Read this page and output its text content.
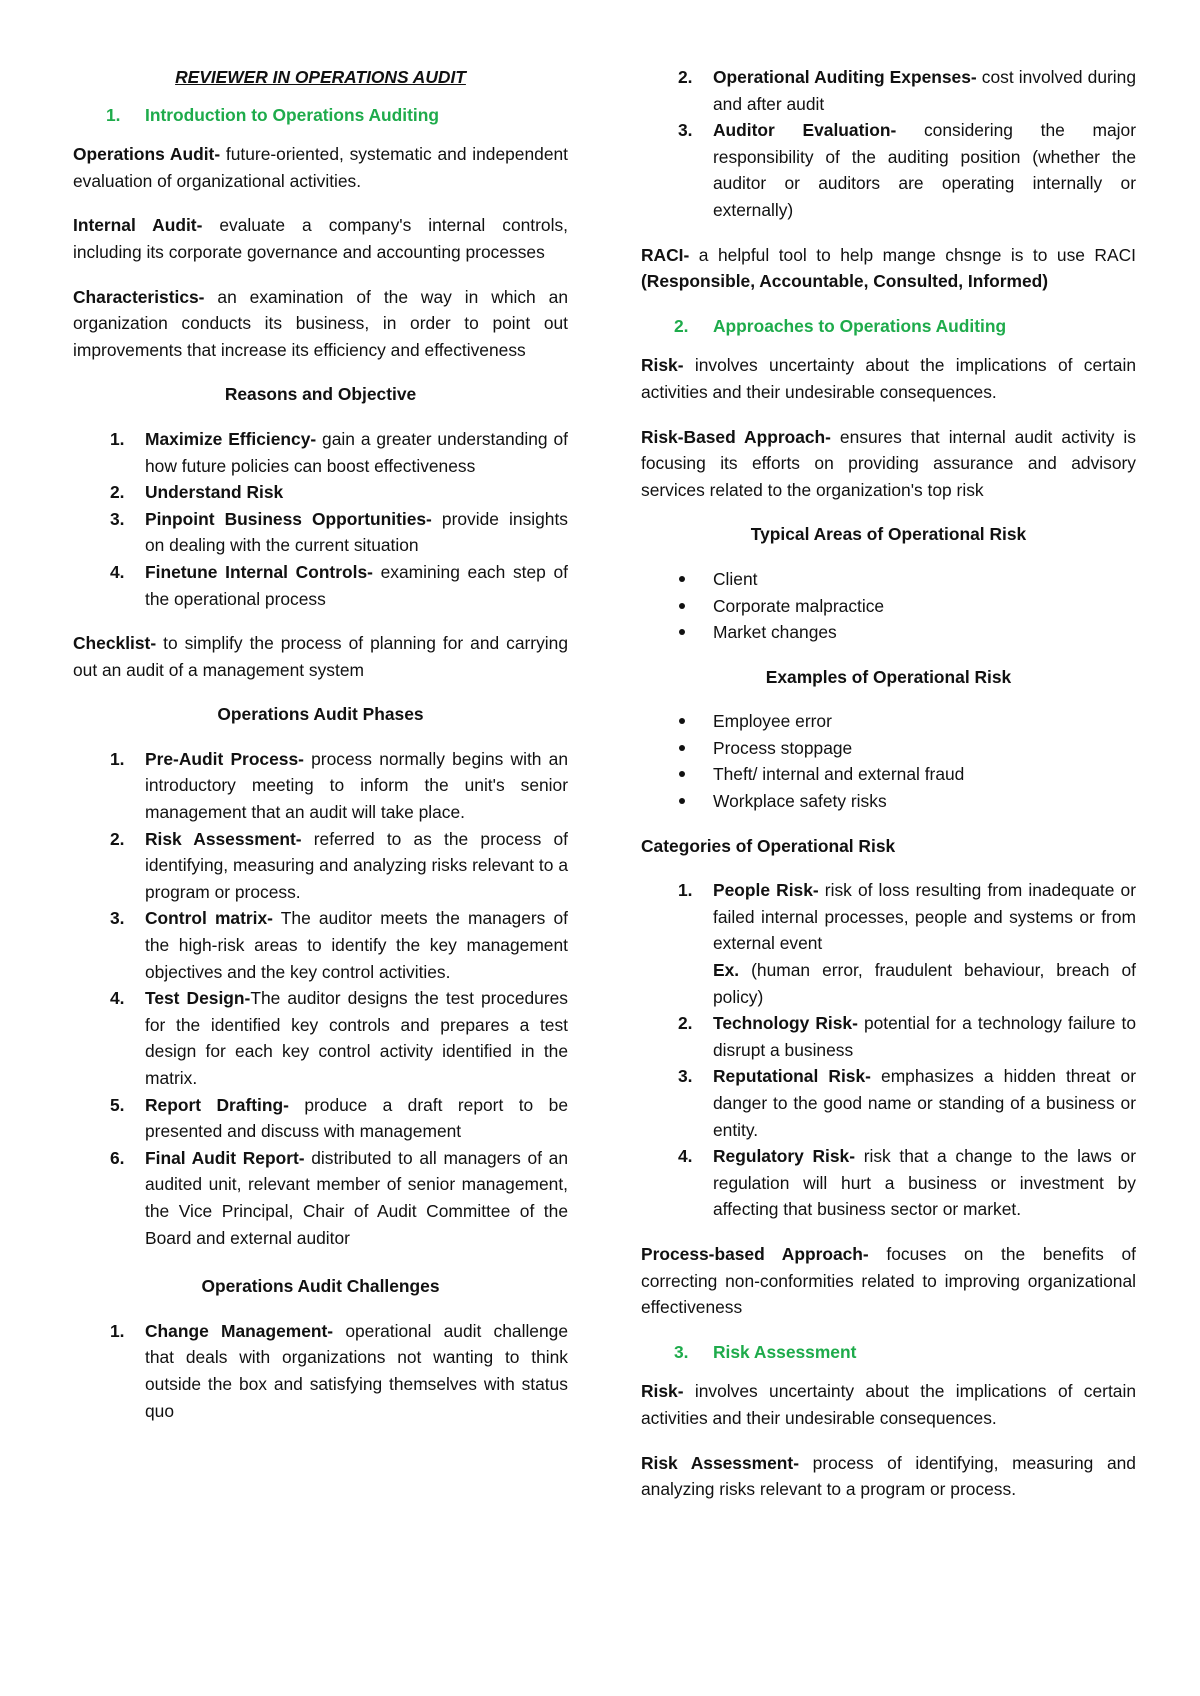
REVIEWER IN OPERATIONS AUDIT
1. Introduction to Operations Auditing

Operations Audit- future-oriented, systematic and independent evaluation of organizational activities.

Internal Audit- evaluate a company's internal controls, including its corporate governance and accounting processes

Characteristics- an examination of the way in which an organization conducts its business, in order to point out improvements that increase its efficiency and effectiveness

Reasons and Objective
1. Maximize Efficiency- gain a greater understanding of how future policies can boost effectiveness
2. Understand Risk
3. Pinpoint Business Opportunities- provide insights on dealing with the current situation
4. Finetune Internal Controls- examining each step of the operational process

Checklist- to simplify the process of planning for and carrying out an audit of a management system

Operations Audit Phases
1. Pre-Audit Process- process normally begins with an introductory meeting to inform the unit's senior management that an audit will take place.
2. Risk Assessment- referred to as the process of identifying, measuring and analyzing risks relevant to a program or process.
3. Control matrix- The auditor meets the managers of the high-risk areas to identify the key management objectives and the key control activities.
4. Test Design-The auditor designs the test procedures for the identified key controls and prepares a test design for each key control activity identified in the matrix.
5. Report Drafting- produce a draft report to be presented and discuss with management
6. Final Audit Report- distributed to all managers of an audited unit, relevant member of senior management, the Vice Principal, Chair of Audit Committee of the Board and external auditor
Operations Audit Challenges
1. Change Management- operational audit challenge that deals with organizations not wanting to think outside the box and satisfying themselves with status quo
2. Operational Auditing Expenses- cost involved during and after audit
3. Auditor Evaluation- considering the major responsibility of the auditing position (whether the auditor or auditors are operating internally or externally)

RACI- a helpful tool to help mange chsnge is to use RACI (Responsible, Accountable, Consulted, Informed)

2. Approaches to Operations Auditing

Risk- involves uncertainty about the implications of certain activities and their undesirable consequences.

Risk-Based Approach- ensures that internal audit activity is focusing its efforts on providing assurance and advisory services related to the organization's top risk

Typical Areas of Operational Risk
Client
Corporate malpractice
Market changes
Examples of Operational Risk
Employee error
Process stoppage
Theft/ internal and external fraud
Workplace safety risks
Categories of Operational Risk
1. People Risk- risk of loss resulting from inadequate or failed internal processes, people and systems or from external event
Ex. (human error, fraudulent behaviour, breach of policy)
2. Technology Risk- potential for a technology failure to disrupt a business
3. Reputational Risk- emphasizes a hidden threat or danger to the good name or standing of a business or entity.
4. Regulatory Risk- risk that a change to the laws or regulation will hurt a business or investment by affecting that business sector or market.

Process-based Approach- focuses on the benefits of correcting non-conformities related to improving organizational effectiveness

3. Risk Assessment

Risk- involves uncertainty about the implications of certain activities and their undesirable consequences.

Risk Assessment- process of identifying, measuring and analyzing risks relevant to a program or process.
